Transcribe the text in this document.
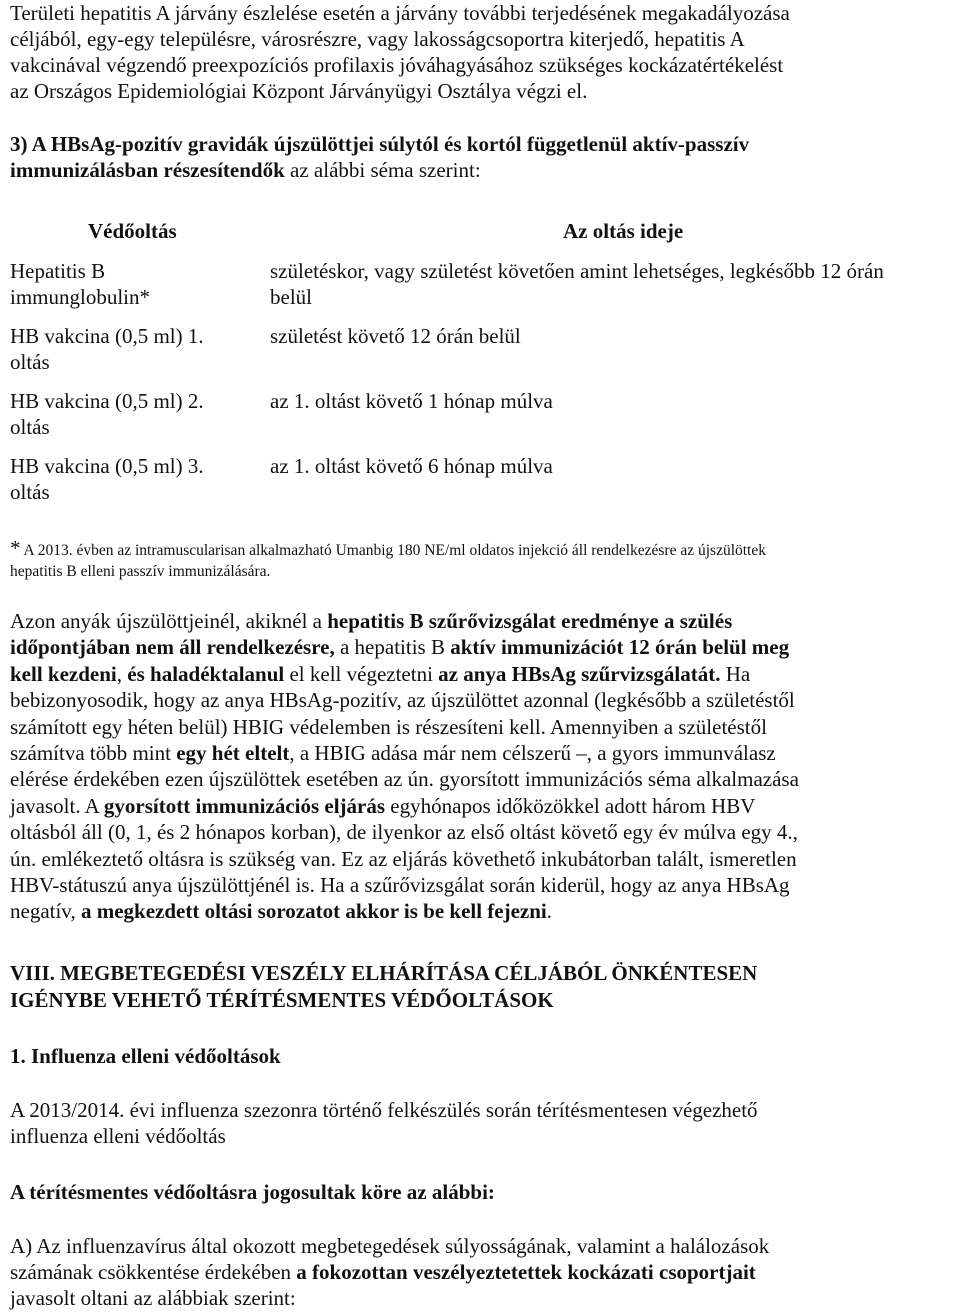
Területi hepatitis A járvány észlelése esetén a járvány további terjedésének megakadályozása

céljából, egy-egy településre, városrészre, vagy lakosságcsoportra kiterjedő, hepatitis A

vakcinával végzendő preexpozíciós profilaxis jóváhagyásához szükséges kockázatértékelést

az Országos Epidemiológiai Központ Járványügyi Osztálya végzi el.

3) A HBsAg-pozitív gravidák újszülöttjei súlytól és kortól függetlenül aktív-passzív

immunizálásban részesítendők az alábbi séma szerint:

Védőoltás	Az oltás ideje

Hepatitis B

immunglobulin*

születéskor, vagy születést követően amint lehetséges, legkésőbb 12 órán

belül

HB vakcina (0,5 ml) 1.

oltás

születést követő 12 órán belül

HB vakcina (0,5 ml) 2.

oltás

az 1. oltást követő 1 hónap múlva

HB vakcina (0,5 ml) 3.

oltás

az 1. oltást követő 6 hónap múlva

* A 2013. évben az intramuscularisan alkalmazható Umanbig 180 NE/ml oldatos injekció áll rendelkezésre az újszülöttek

hepatitis B elleni passzív immunizálására.

Azon anyák újszülöttjeinél, akiknél a hepatitis B szűrővizsgálat eredménye a szülés

időpontjában nem áll rendelkezésre, a hepatitis B aktív immunizációt 12 órán belül meg

kell kezdeni, és haladéktalanul el kell végeztetni az anya HBsAg szűrvizsgálatát. Ha

bebizonyosodik, hogy az anya HBsAg-pozitív, az újszülöttet azonnal (legkésőbb a születéstől

számított egy héten belül) HBIG védelemben is részesíteni kell. Amennyiben a születéstől

számítva több mint egy hét eltelt, a HBIG adása már nem célszerű –, a gyors immunválasz

elérése érdekében ezen újszülöttek esetében az ún. gyorsított immunizációs séma alkalmazása

javasolt. A gyorsított immunizációs eljárás egyhónapos időközökkel adott három HBV

oltásból áll (0, 1, és 2 hónapos korban), de ilyenkor az első oltást követő egy év múlva egy 4.,

ún. emlékeztető oltásra is szükség van. Ez az eljárás követhető inkubátorban talált, ismeretlen

HBV-státuszú anya újszülöttjénél is. Ha a szűrővizsgálat során kiderül, hogy az anya HBsAg

negatív, a megkezdett oltási sorozatot akkor is be kell fejezni.

VIII. MEGBETEGEDÉSI VESZÉLY ELHÁRÍTÁSA CÉLJÁBÓL ÖNKÉNTESEN

IGÉNYBE VEHETŐ TÉRÍTÉSMENTES VÉDŐOLTÁSOK

1. Influenza elleni védőoltások

A 2013/2014. évi influenza szezonra történő felkészülés során térítésmentesen végezhető

influenza elleni védőoltás

A térítésmentes védőoltásra jogosultak köre az alábbi:

A) Az influenzavírus által okozott megbetegedések súlyosságának, valamint a halálozások

számának csökkentése érdekében a fokozottan veszélyeztetettek kockázati csoportjait

javasolt oltani az alábbiak szerint:
